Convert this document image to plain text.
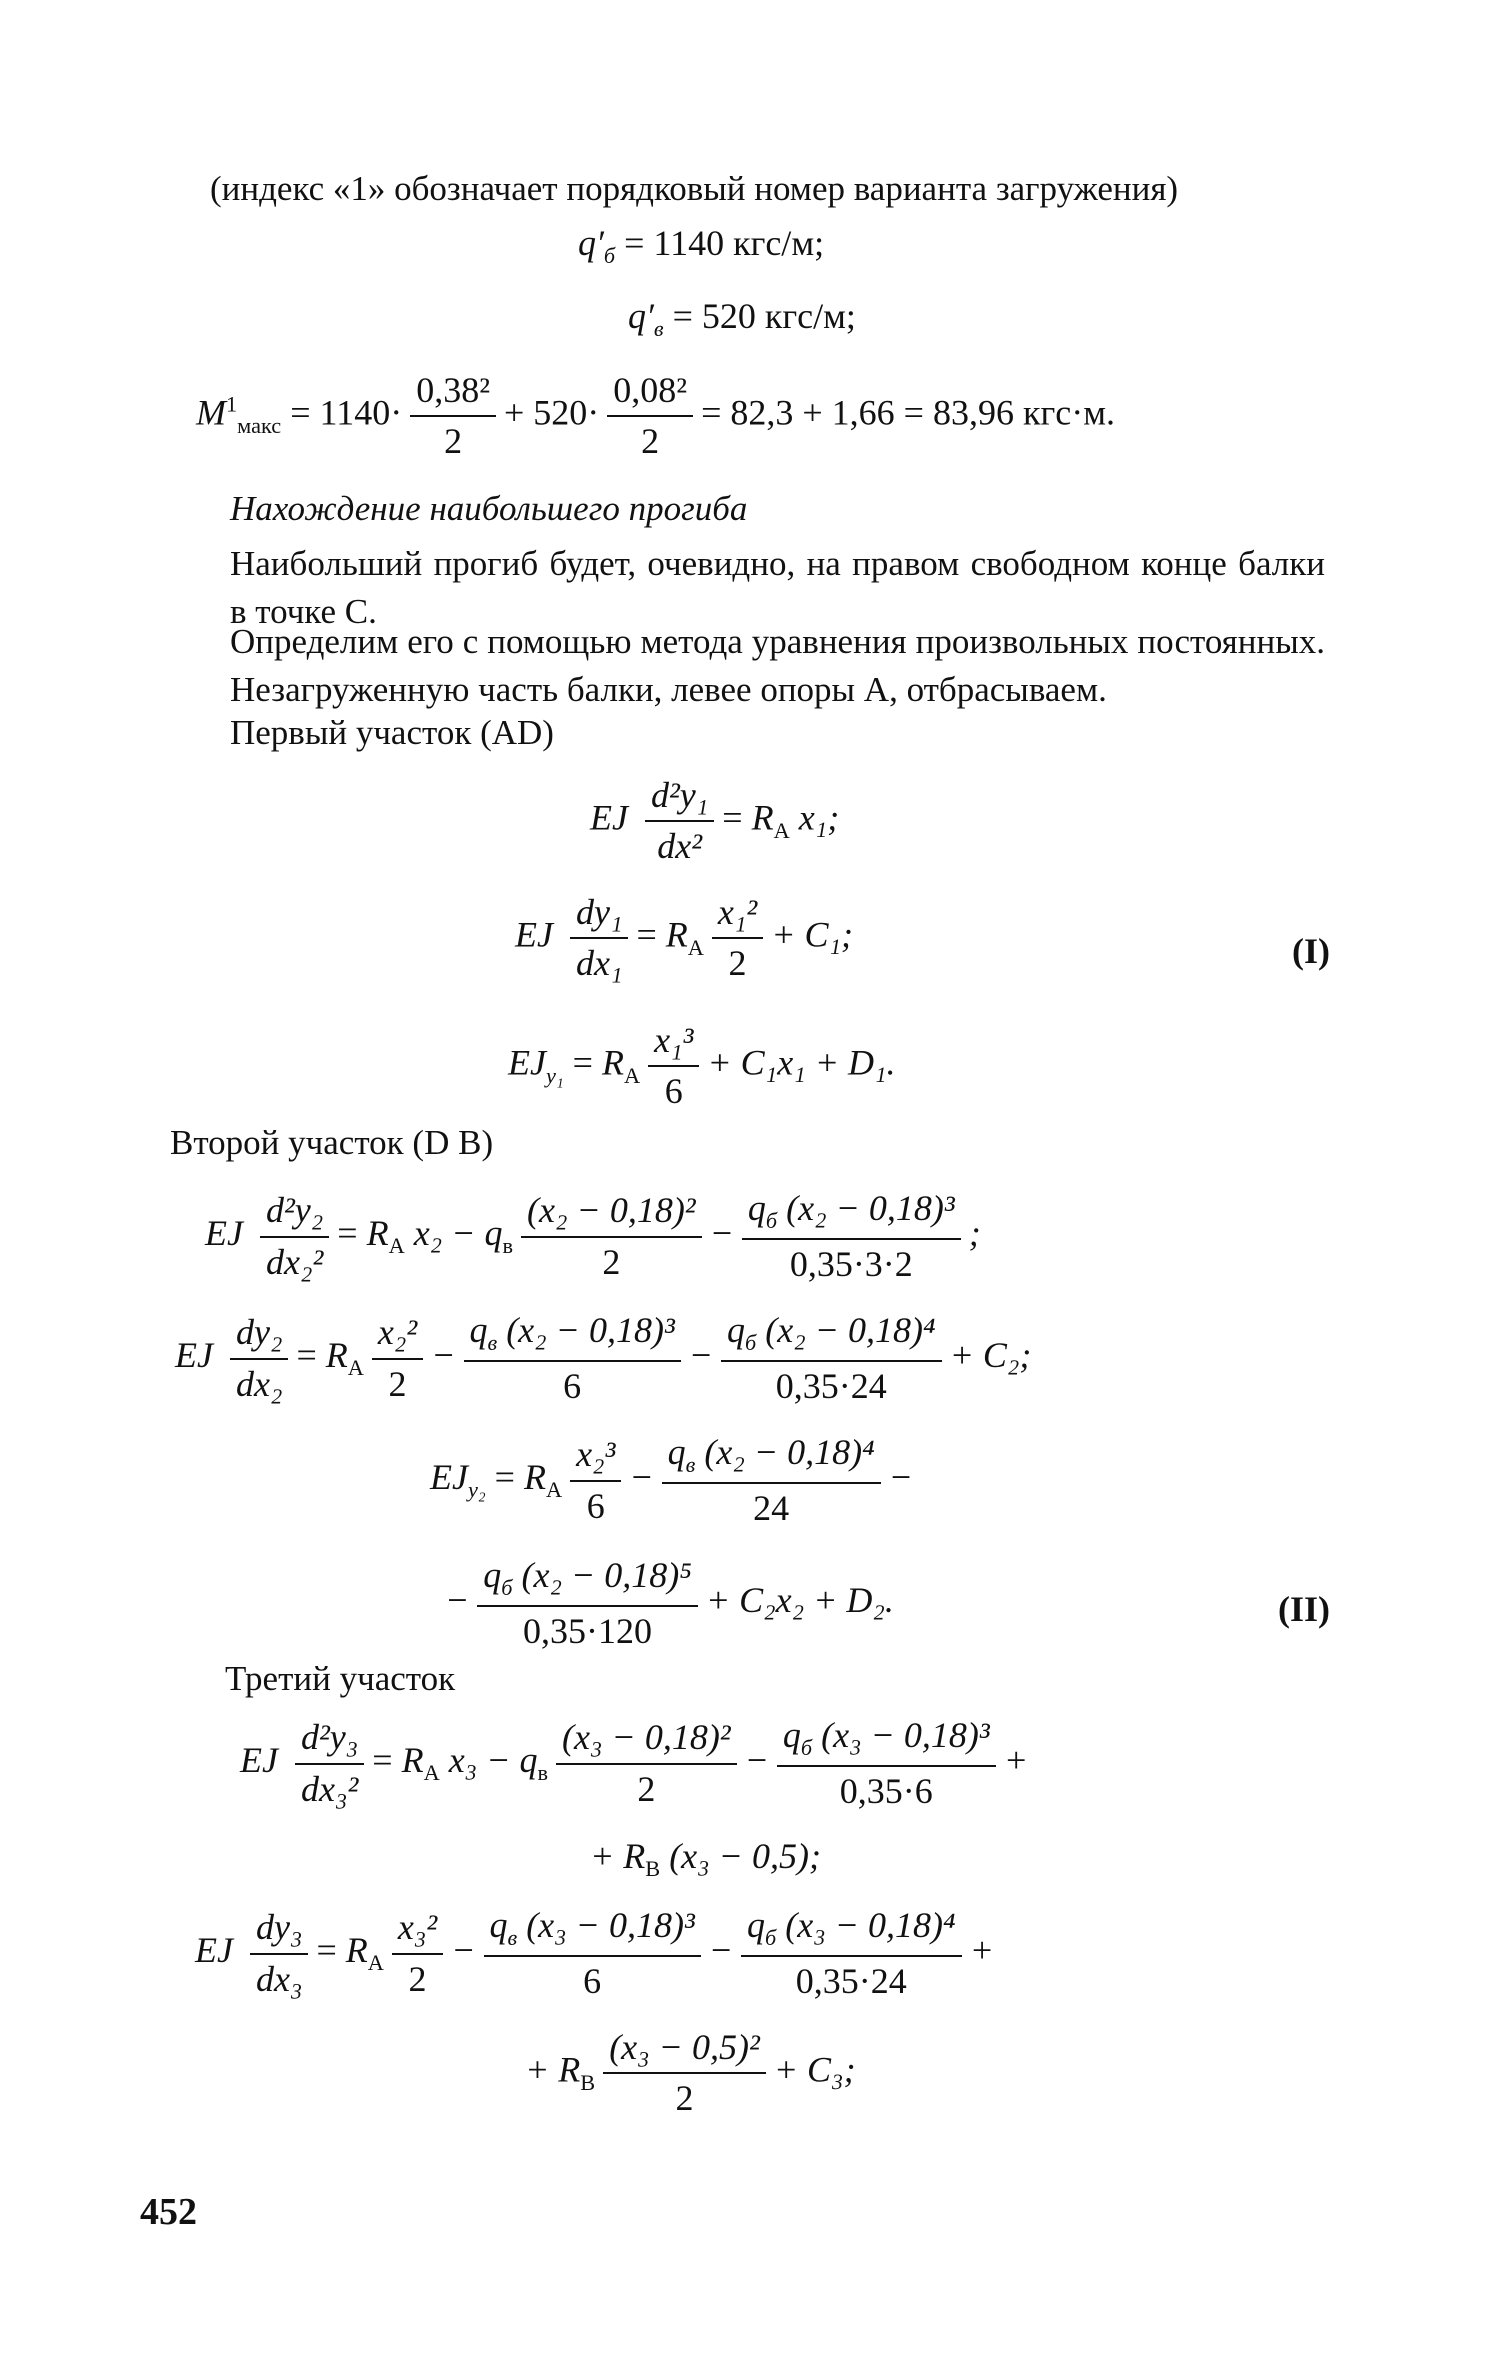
(индекс «1» обозначает порядковый номер варианта загружения)
$q'_б = 1140$ кгс/м;
$q'_в = 520$ кгс/м;
$M^1_{макс} = 1140\cdot \frac{\text{0,38²}}{2} + 520\cdot \frac{\text{0,08²}}{2} = 82,3 + 1,66 = 83,96$ кгс·м.
Нахождение наибольшего прогиба
Наибольший прогиб будет, очевидно, на правом свободном конце балки в точке C.
Определим его с помощью метода уравнения произвольных постоянных. Незагруженную часть балки, левее опоры A, отбрасываем.
Первый участок (AD)
EJ $\frac{\text{d²y₁}}{\text{dx²}} = R_A$ x₁;
EJ $\frac{\text{dy₁}}{\text{dx₁}} = R_A \frac{\text{x₁²}}{2} + C_1$;	(I)
$EJ_{y_1} = R_A \frac{\text{x₁³}}{6} + C_1x_1 + D_1$.
Второй участок (D B)
EJ $\frac{\text{d²y₂}}{\text{dx₂²}} = R_A$ $x_2 - q_в \frac{\text{(x₂ − 0,18)²}}{2} - \frac{q_б (x_2 - 0,18)^3}{0,35\cdot 3\cdot 2}$ ;
EJ $\frac{\text{dy₂}}{\text{dx₂}} = R_A \frac{\text{x₂²}}{2} - \frac{q_в (x_2 - 0,18)^3}{6} - \frac{q_б (x_2 - 0,18)^4}{0,35\cdot 24} + C_2$;
$EJ_{y_2} = R_A \frac{\text{x₂³}}{6} - \frac{q_в (x_2 - 0,18)^4}{24}$ −
− $\frac{q_б (x_2 - 0,18)^5}{0,35\cdot 120} + C_2x_2 + D_2$.	(II)
Третий участок
EJ $\frac{\text{d²y₃}}{\text{dx₃²}} = R_A$ $x_3 - q_в \frac{\text{(x₃ − 0,18)²}}{2} - \frac{q_б (x_3 - 0,18)^3}{0,35\cdot 6}$ +
+ $R_B$ (x₃ − 0,5);
EJ $\frac{\text{dy₃}}{\text{dx₃}} = R_A \frac{\text{x₃²}}{2} - \frac{q_в (x_3 - 0,18)^3}{6} - \frac{q_б (x_3 - 0,18)^4}{0,35\cdot 24}$ +
+ $R_B \frac{\text{(x₃ − 0,5)²}}{2} + C_3$;
452
